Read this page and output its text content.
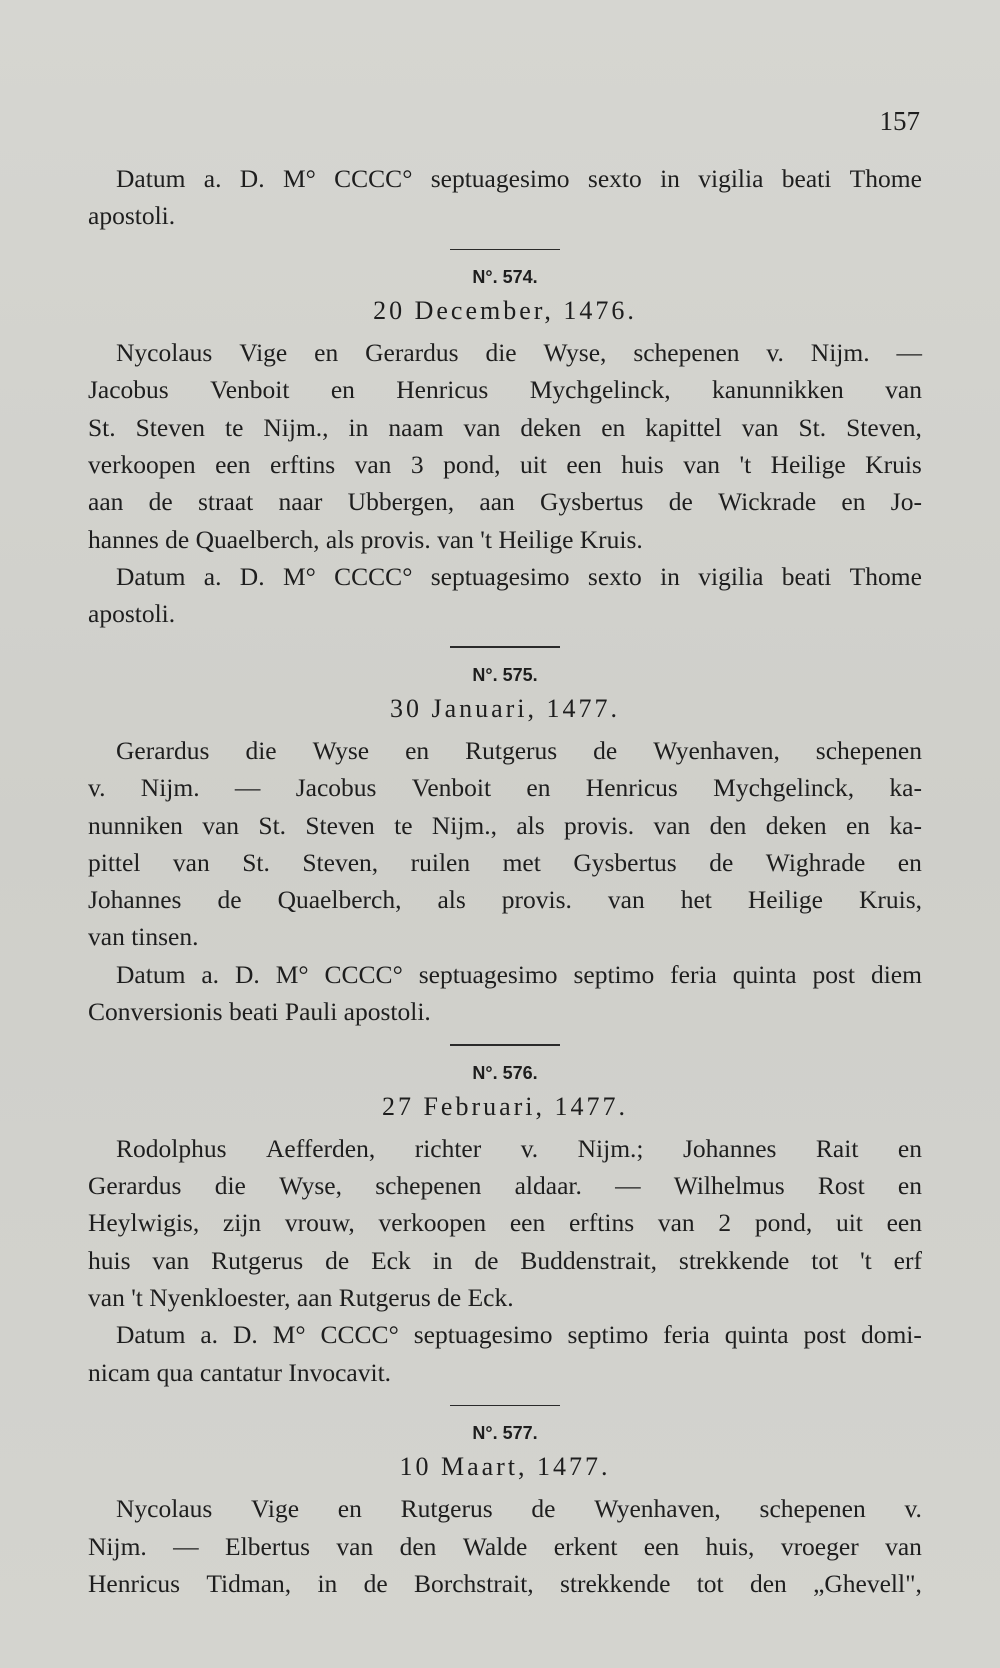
157
Datum a. D. M° CCCC° septuagesimo sexto in vigilia beati Thome
apostoli.
N°. 574.
20 December, 1476.
Nycolaus Vige en Gerardus die Wyse, schepenen v. Nijm. —
Jacobus Venboit en Henricus Mychgelinck, kanunnikken van
St. Steven te Nijm., in naam van deken en kapittel van St. Steven,
verkoopen een erftins van 3 pond, uit een huis van 't Heilige Kruis
aan de straat naar Ubbergen, aan Gysbertus de Wickrade en Jo-
hannes de Quaelberch, als provis. van 't Heilige Kruis.
Datum a. D. M° CCCC° septuagesimo sexto in vigilia beati Thome
apostoli.
N°. 575.
30 Januari, 1477.
Gerardus die Wyse en Rutgerus de Wyenhaven, schepenen
v. Nijm. — Jacobus Venboit en Henricus Mychgelinck, ka-
nunniken van St. Steven te Nijm., als provis. van den deken en ka-
pittel van St. Steven, ruilen met Gysbertus de Wighrade en
Johannes de Quaelberch, als provis. van het Heilige Kruis,
van tinsen.
Datum a. D. M° CCCC° septuagesimo septimo feria quinta post diem
Conversionis beati Pauli apostoli.
N°. 576.
27 Februari, 1477.
Rodolphus Aefferden, richter v. Nijm.; Johannes Rait en
Gerardus die Wyse, schepenen aldaar. — Wilhelmus Rost en
Heylwigis, zijn vrouw, verkoopen een erftins van 2 pond, uit een
huis van Rutgerus de Eck in de Buddenstrait, strekkende tot 't erf
van 't Nyenkloester, aan Rutgerus de Eck.
Datum a. D. M° CCCC° septuagesimo septimo feria quinta post domi-
nicam qua cantatur Invocavit.
N°. 577.
10 Maart, 1477.
Nycolaus Vige en Rutgerus de Wyenhaven, schepenen v.
Nijm. — Elbertus van den Walde erkent een huis, vroeger van
Henricus Tidman, in de Borchstrait, strekkende tot den „Ghevell",
